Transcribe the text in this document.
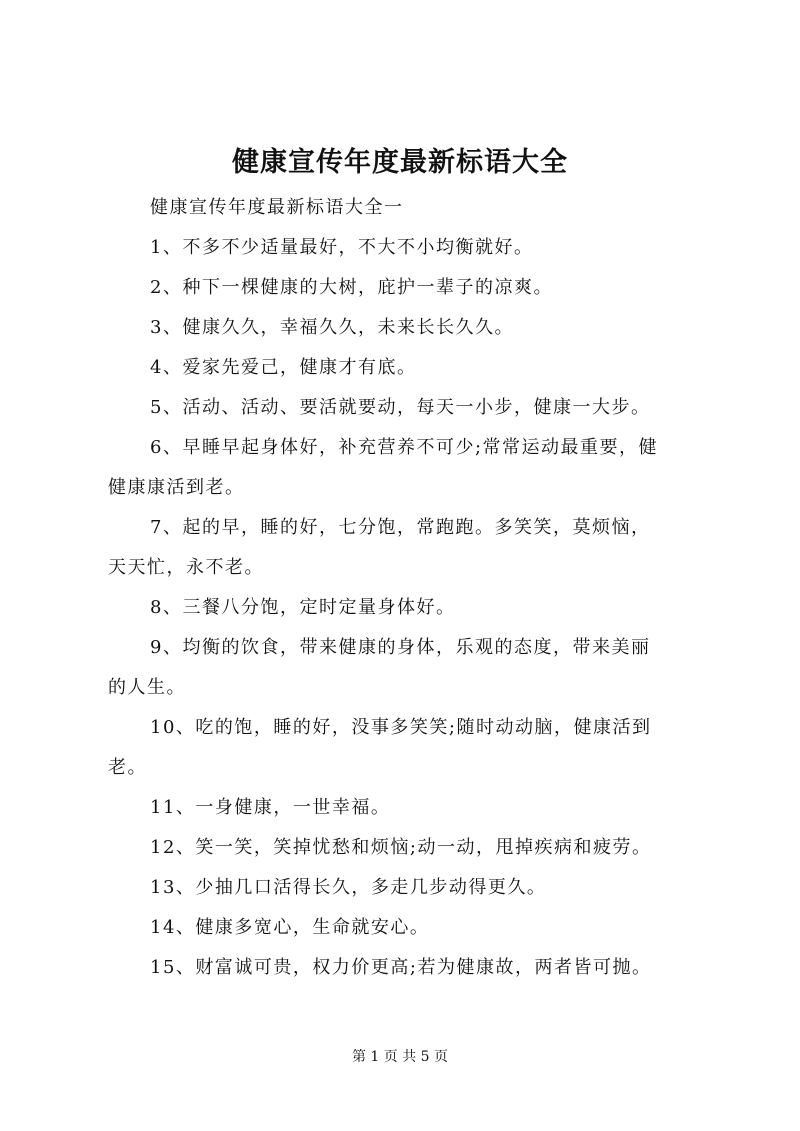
健康宣传年度最新标语大全
健康宣传年度最新标语大全一
1、不多不少适量最好，不大不小均衡就好。
2、种下一棵健康的大树，庇护一辈子的凉爽。
3、健康久久，幸福久久，未来长长久久。
4、爱家先爱己，健康才有底。
5、活动、活动、要活就要动，每天一小步，健康一大步。
6、早睡早起身体好，补充营养不可少;常常运动最重要，健
健康康活到老。
7、起的早，睡的好，七分饱，常跑跑。多笑笑，莫烦恼，
天天忙，永不老。
8、三餐八分饱，定时定量身体好。
9、均衡的饮食，带来健康的身体，乐观的态度，带来美丽
的人生。
10、吃的饱，睡的好，没事多笑笑;随时动动脑，健康活到
老。
11、一身健康，一世幸福。
12、笑一笑，笑掉忧愁和烦恼;动一动，甩掉疾病和疲劳。
13、少抽几口活得长久，多走几步动得更久。
14、健康多宽心，生命就安心。
15、财富诚可贵，权力价更高;若为健康故，两者皆可抛。
第 1 页 共 5 页
